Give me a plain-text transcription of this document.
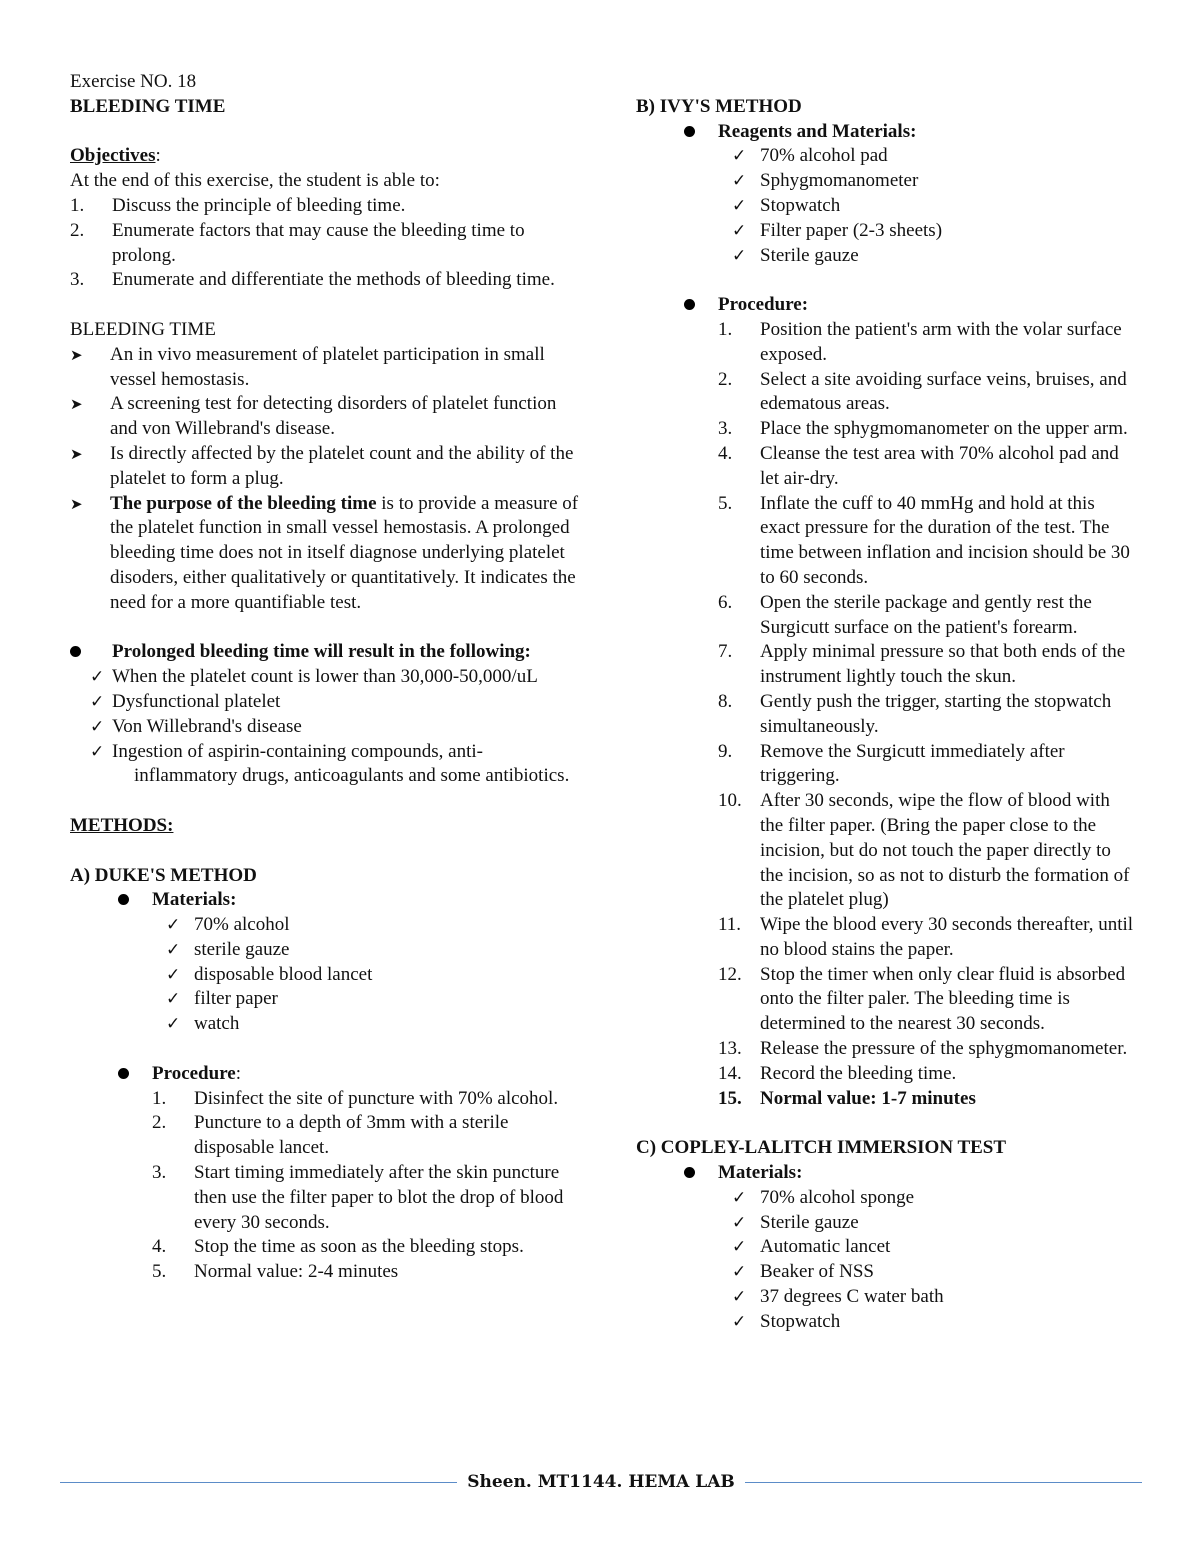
Exercise NO. 18

BLEEDING TIME

Objectives:

At the end of this exercise, the student is able to:

1.	Discuss the principle of bleeding time.
2.	Enumerate factors that may cause the bleeding time to prolong.
3.	Enumerate and differentiate the methods of bleeding time.

BLEEDING TIME

➤	An in vivo measurement of platelet participation in small vessel hemostasis.
➤	A screening test for detecting disorders of platelet function and von Willebrand's disease.
➤	Is directly affected by the platelet count and the ability of the platelet to form a plug.
➤	The purpose of the bleeding time is to provide a measure of the platelet function in small vessel hemostasis. A prolonged bleeding time does not in itself diagnose underlying platelet disoders, either qualitatively or quantitatively. It indicates the need for a more quantifiable test.
Prolonged bleeding time will result in the following:
✓ When the platelet count is lower than 30,000-50,000/uL
✓ Dysfunctional platelet
✓ Von Willebrand's disease
✓ Ingestion of aspirin-containing compounds, anti-inflammatory drugs, anticoagulants and some antibiotics.

METHODS:

A) DUKE'S METHOD

Materials:
✓ 70% alcohol
✓ sterile gauze
✓ disposable blood lancet
✓ filter paper
✓ watch
Procedure:
1.	Disinfect the site of puncture with 70% alcohol.
2.	Puncture to a depth of 3mm with a sterile disposable lancet.
3.	Start timing immediately after the skin puncture then use the filter paper to blot the drop of blood every 30 seconds.
4.	Stop the time as soon as the bleeding stops.
5.	Normal value: 2-4 minutes

B) IVY'S METHOD

Reagents and Materials:
✓ 70% alcohol pad
✓ Sphygmomanometer
✓ Stopwatch
✓ Filter paper (2-3 sheets)
✓ Sterile gauze
Procedure:
1.	Position the patient's arm with the volar surface exposed.
2.	Select a site avoiding surface veins, bruises, and edematous areas.
3.	Place the sphygmomanometer on the upper arm.
4.	Cleanse the test area with 70% alcohol pad and let air-dry.
5.	Inflate the cuff to 40 mmHg and hold at this exact pressure for the duration of the test. The time between inflation and incision should be 30 to 60 seconds.
6.	Open the sterile package and gently rest the Surgicutt surface on the patient's forearm.
7.	Apply minimal pressure so that both ends of the instrument lightly touch the skun.
8.	Gently push the trigger, starting the stopwatch simultaneously.
9.	Remove the Surgicutt immediately after triggering.
10. After 30 seconds, wipe the flow of blood with the filter paper. (Bring the paper close to the incision, but do not touch the paper directly to the incision, so as not to disturb the formation of the platelet plug)
11. Wipe the blood every 30 seconds thereafter, until no blood stains the paper.
12. Stop the timer when only clear fluid is absorbed onto the filter paler. The bleeding time is determined to the nearest 30 seconds.
13. Release the pressure of the sphygmomanometer.
14. Record the bleeding time.
15. Normal value: 1-7 minutes

C) COPLEY-LALITCH IMMERSION TEST

Materials:
✓ 70% alcohol sponge
✓ Sterile gauze
✓ Automatic lancet
✓ Beaker of NSS
✓ 37 degrees C water bath
✓ Stopwatch
Sheen. MT1144. HEMA LAB
